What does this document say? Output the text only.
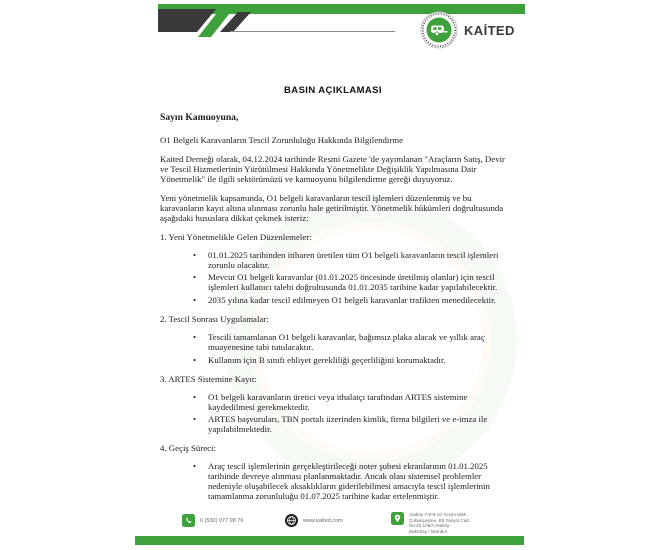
KAİTED
BASIN AÇIKLAMASI
Sayın Kamuoyuna,
O1 Belgeli Karavanların Tescil Zorunluluğu Hakkında Bilgilendirme

Kaited Derneği olarak, 04.12.2024 tarihinde Resmi Gazete 'de yayımlanan "Araçların Satış, Devir ve Tescil Hizmetlerinin Yürütülmesi Hakkında Yönetmelikte Değişiklik Yapılmasına Dair Yönetmelik" ile ilgili sektörümüzü ve kamuoyunu bilgilendirme gereği duyuyoruz.

Yeni yönetmelik kapsamında, O1 belgeli karavanların tescil işlemleri düzenlenmiş ve bu karavanların kayıt altına alınması zorunlu hale getirilmiştir. Yönetmelik hükümleri doğrultusunda aşağıdaki hususlara dikkat çekmek isteriz:

1. Yeni Yönetmelikle Gelen Düzenlemeler:
• 01.01.2025 tarihinden itibaren üretilen tüm O1 belgeli karavanların tescil işlemleri zorunlu olacaktır.
• Mevcut O1 belgeli karavanlar (01.01.2025 öncesinde üretilmiş olanlar) için tescil işlemleri kullanıcı talebi doğrultusunda 01.01.2035 tarihine kadar yapılabilecektir.
• 2035 yılına kadar tescil edilmeyen O1 belgeli karavanlar trafikten menedilecektir.
2. Tescil Sonrası Uygulamalar:
• Tescili tamamlanan O1 belgeli karavanlar, bağımsız plaka alacak ve yıllık araç muayenesine tabi tutulacaktır.
• Kullanım için B sınıfı ehliyet gerekliliği geçerliliğini korumaktadır.
3. ARTES Sistemine Kayıt:
• O1 belgeli karavanların üretici veya ithalatçı tarafından ARTES sistemine kaydedilmesi gerekmektedir.
• ARTES başvuruları, TBN portalı üzerinden kimlik, firma bilgileri ve e-imza ile yapılabilmektedir.
4. Geçiş Süreci:
• Araç tescil işlemlerinin gerçekleştirileceği noter şubesi ekranlarının 01.01.2025 tarihinde devreye alınması planlanmaktadır. Ancak olası sistemsel problemler nedeniyle oluşabilecek aksaklıkların giderilebilmesi amacıyla tescil işlemlerinin tamamlanma zorunluluğu 01.07.2025 tarihine kadar ertelenmiştir.
0 (530) 077 98 76	www.kaited.com
Ataköy 7-8-9-10. Kısım Mah.
Çobançeşme, E5 Yanyol Cad.
No:22 109/A Ataköy
Bakırköy / İstanbul
